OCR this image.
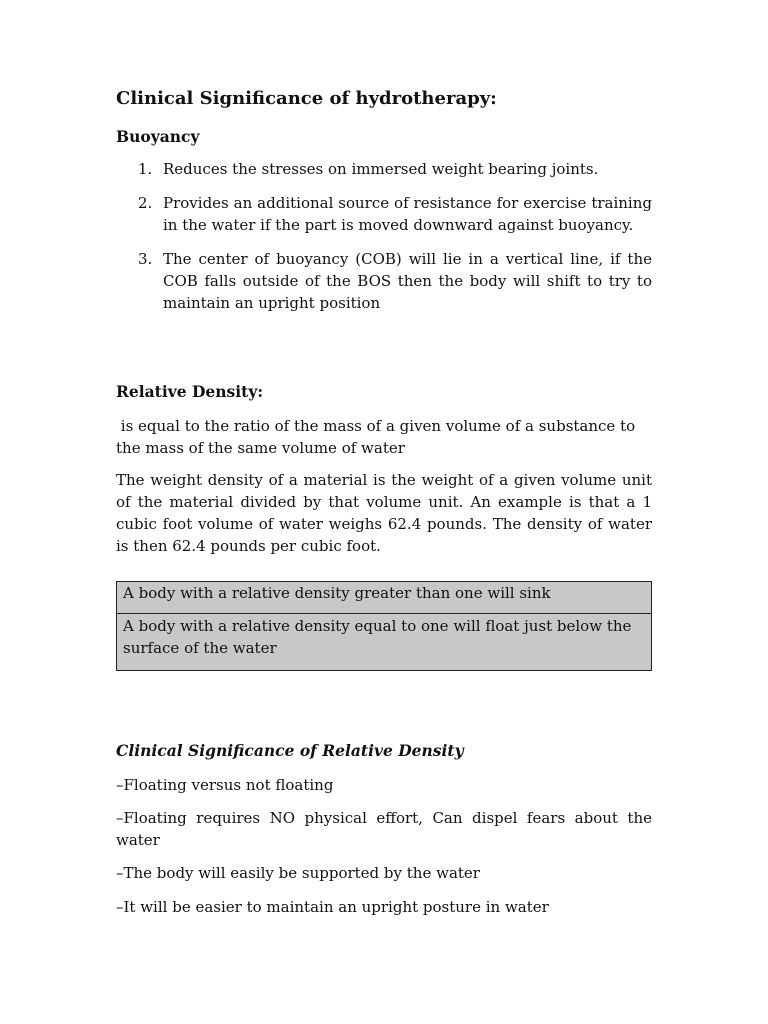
Clinical Significance of hydrotherapy:
Buoyancy
1. Reduces the stresses on immersed weight bearing joints.
2. Provides an additional source of resistance for exercise training in the water if the part is moved downward against buoyancy.
3. The center of buoyancy (COB) will lie in a vertical line, if the COB falls outside of the BOS then the body will shift to try to maintain an upright position
Relative Density:

is equal to the ratio of the mass of a given volume of a substance to the mass of the same volume of water

The weight density of a material is the weight of a given volume unit of the material divided by that volume unit. An example is that a 1 cubic foot volume of water weighs 62.4 pounds. The density of water is then 62.4 pounds per cubic foot.

A body with a relative density greater than one will sink
A body with a relative density equal to one will float just below the surface of the water
Clinical Significance of Relative Density

–Floating versus not floating

–Floating requires NO physical effort, Can dispel fears about the water

–The body will easily be supported by the water

–It will be easier to maintain an upright posture in water
